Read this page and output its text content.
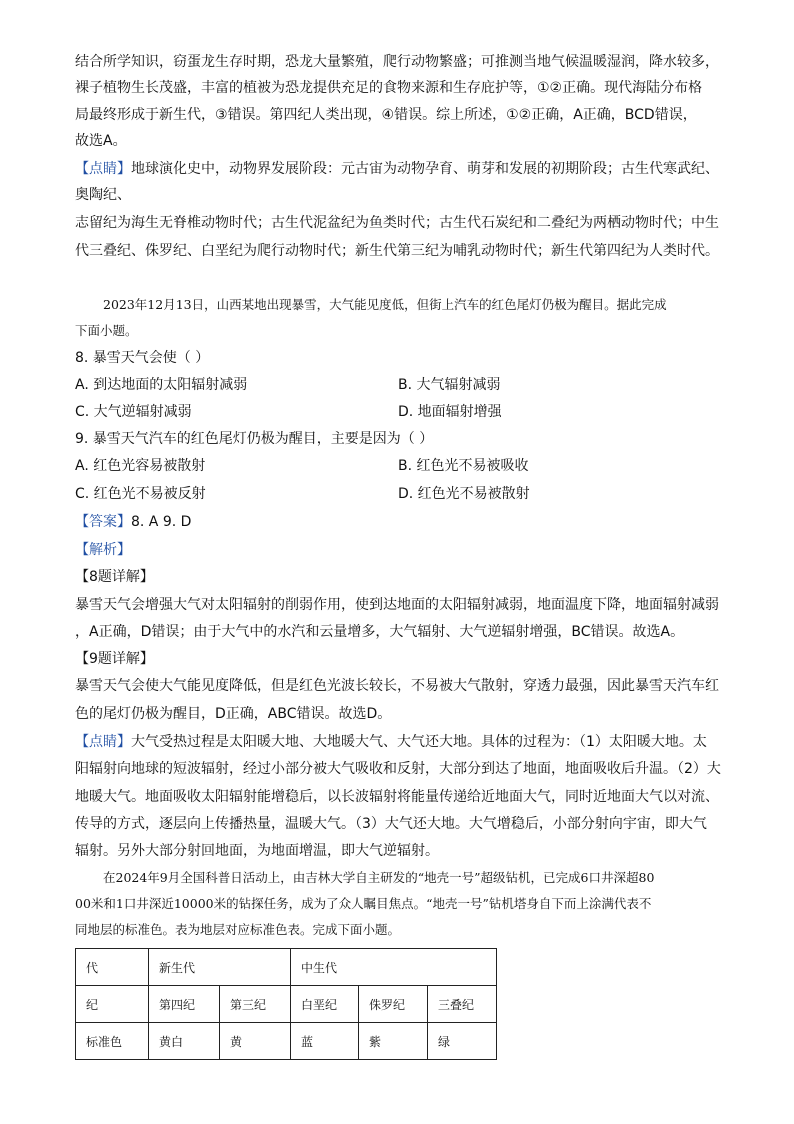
结合所学知识，窃蛋龙生存时期，恐龙大量繁殖，爬行动物繁盛；可推测当地气候温暖湿润，降水较多，
裸子植物生长茂盛，丰富的植被为恐龙提供充足的食物来源和生存庇护等，①②正确。现代海陆分布格
局最终形成于新生代，③错误。第四纪人类出现，④错误。综上所述，①②正确，A正确，BCD错误，
故选A。
【点睛】地球演化史中，动物界发展阶段：元古宙为动物孕育、萌芽和发展的初期阶段；古生代寒武纪、
奥陶纪、
志留纪为海生无脊椎动物时代；古生代泥盆纪为鱼类时代；古生代石炭纪和二叠纪为两栖动物时代；中生
代三叠纪、侏罗纪、白垩纪为爬行动物时代；新生代第三纪为哺乳动物时代；新生代第四纪为人类时代。
2023年12月13日，山西某地出现暴雪，大气能见度低，但街上汽车的红色尾灯仍极为醒目。据此完成
下面小题。
8. 暴雪天气会使（ ）
A. 到达地面的太阳辐射减弱	B. 大气辐射减弱
C. 大气逆辐射减弱	D. 地面辐射增强
9. 暴雪天气汽车的红色尾灯仍极为醒目，主要是因为（ ）
A. 红色光容易被散射	B. 红色光不易被吸收
C. 红色光不易被反射	D. 红色光不易被散射
【答案】8. A 9. D
【解析】
【8题详解】
暴雪天气会增强大气对太阳辐射的削弱作用，使到达地面的太阳辐射减弱，地面温度下降，地面辐射减弱
，A正确，D错误；由于大气中的水汽和云量增多，大气辐射、大气逆辐射增强，BC错误。故选A。
【9题详解】
暴雪天气会使大气能见度降低，但是红色光波长较长，不易被大气散射，穿透力最强，因此暴雪天汽车红
色的尾灯仍极为醒目，D正确，ABC错误。故选D。
【点睛】大气受热过程是太阳暖大地、大地暖大气、大气还大地。具体的过程为：（1）太阳暖大地。太
阳辐射向地球的短波辐射，经过小部分被大气吸收和反射，大部分到达了地面，地面吸收后升温。（2）大
地暖大气。地面吸收太阳辐射能增稳后，以长波辐射将能量传递给近地面大气，同时近地面大气以对流、
传导的方式，逐层向上传播热量，温暖大气。（3）大气还大地。大气增稳后，小部分射向宇宙，即大气
辐射。另外大部分射回地面，为地面增温，即大气逆辐射。
在2024年9月全国科普日活动上，由吉林大学自主研发的“地壳一号”超级钻机，已完成6口井深超80
00米和1口井深近10000米的钻探任务，成为了众人瞩目焦点。“地壳一号”钻机塔身自下而上涂满代表不
同地层的标准色。表为地层对应标准色表。完成下面小题。
代	新生代		中生代		
纪	第四纪	第三纪	白垩纪	侏罗纪	三叠纪
标准色	黄白	黄	蓝	紫	绿
